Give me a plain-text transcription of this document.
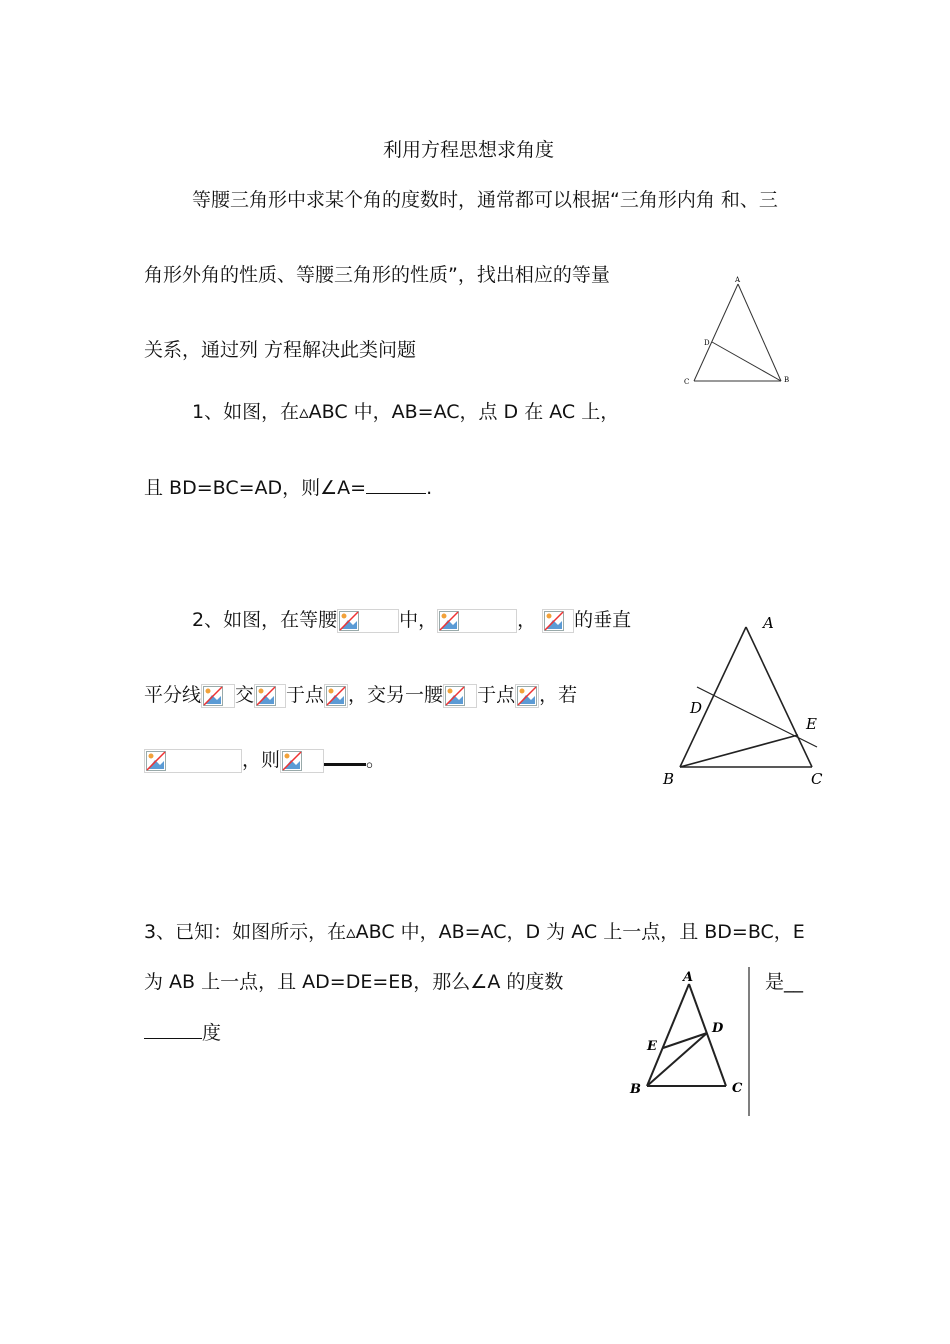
利用方程思想求角度
等腰三角形中求某个角的度数时，通常都可以根据“三角形内角 和、三
角形外角的性质、等腰三角形的性质”，找出相应的等量
关系，通过列 方程解决此类问题
1、如图，在▵ABC 中，AB=AC，点 D 在 AC 上，
且 BD=BC=AD，则∠A=	.
A
D
C	B
2、如图，在等腰	中，	， 的垂直
平分线 交 于点 ，交另一腰 于点 ，若
，则	。
A
D
E
B	C
3、已知：如图所示，在▵ABC 中，AB=AC，D 为 AC 上一点，且 BD=BC，E
为 AB 上一点，且 AD=DE=EB，那么∠A 的度数	是__
度
A
D
E
B	C
